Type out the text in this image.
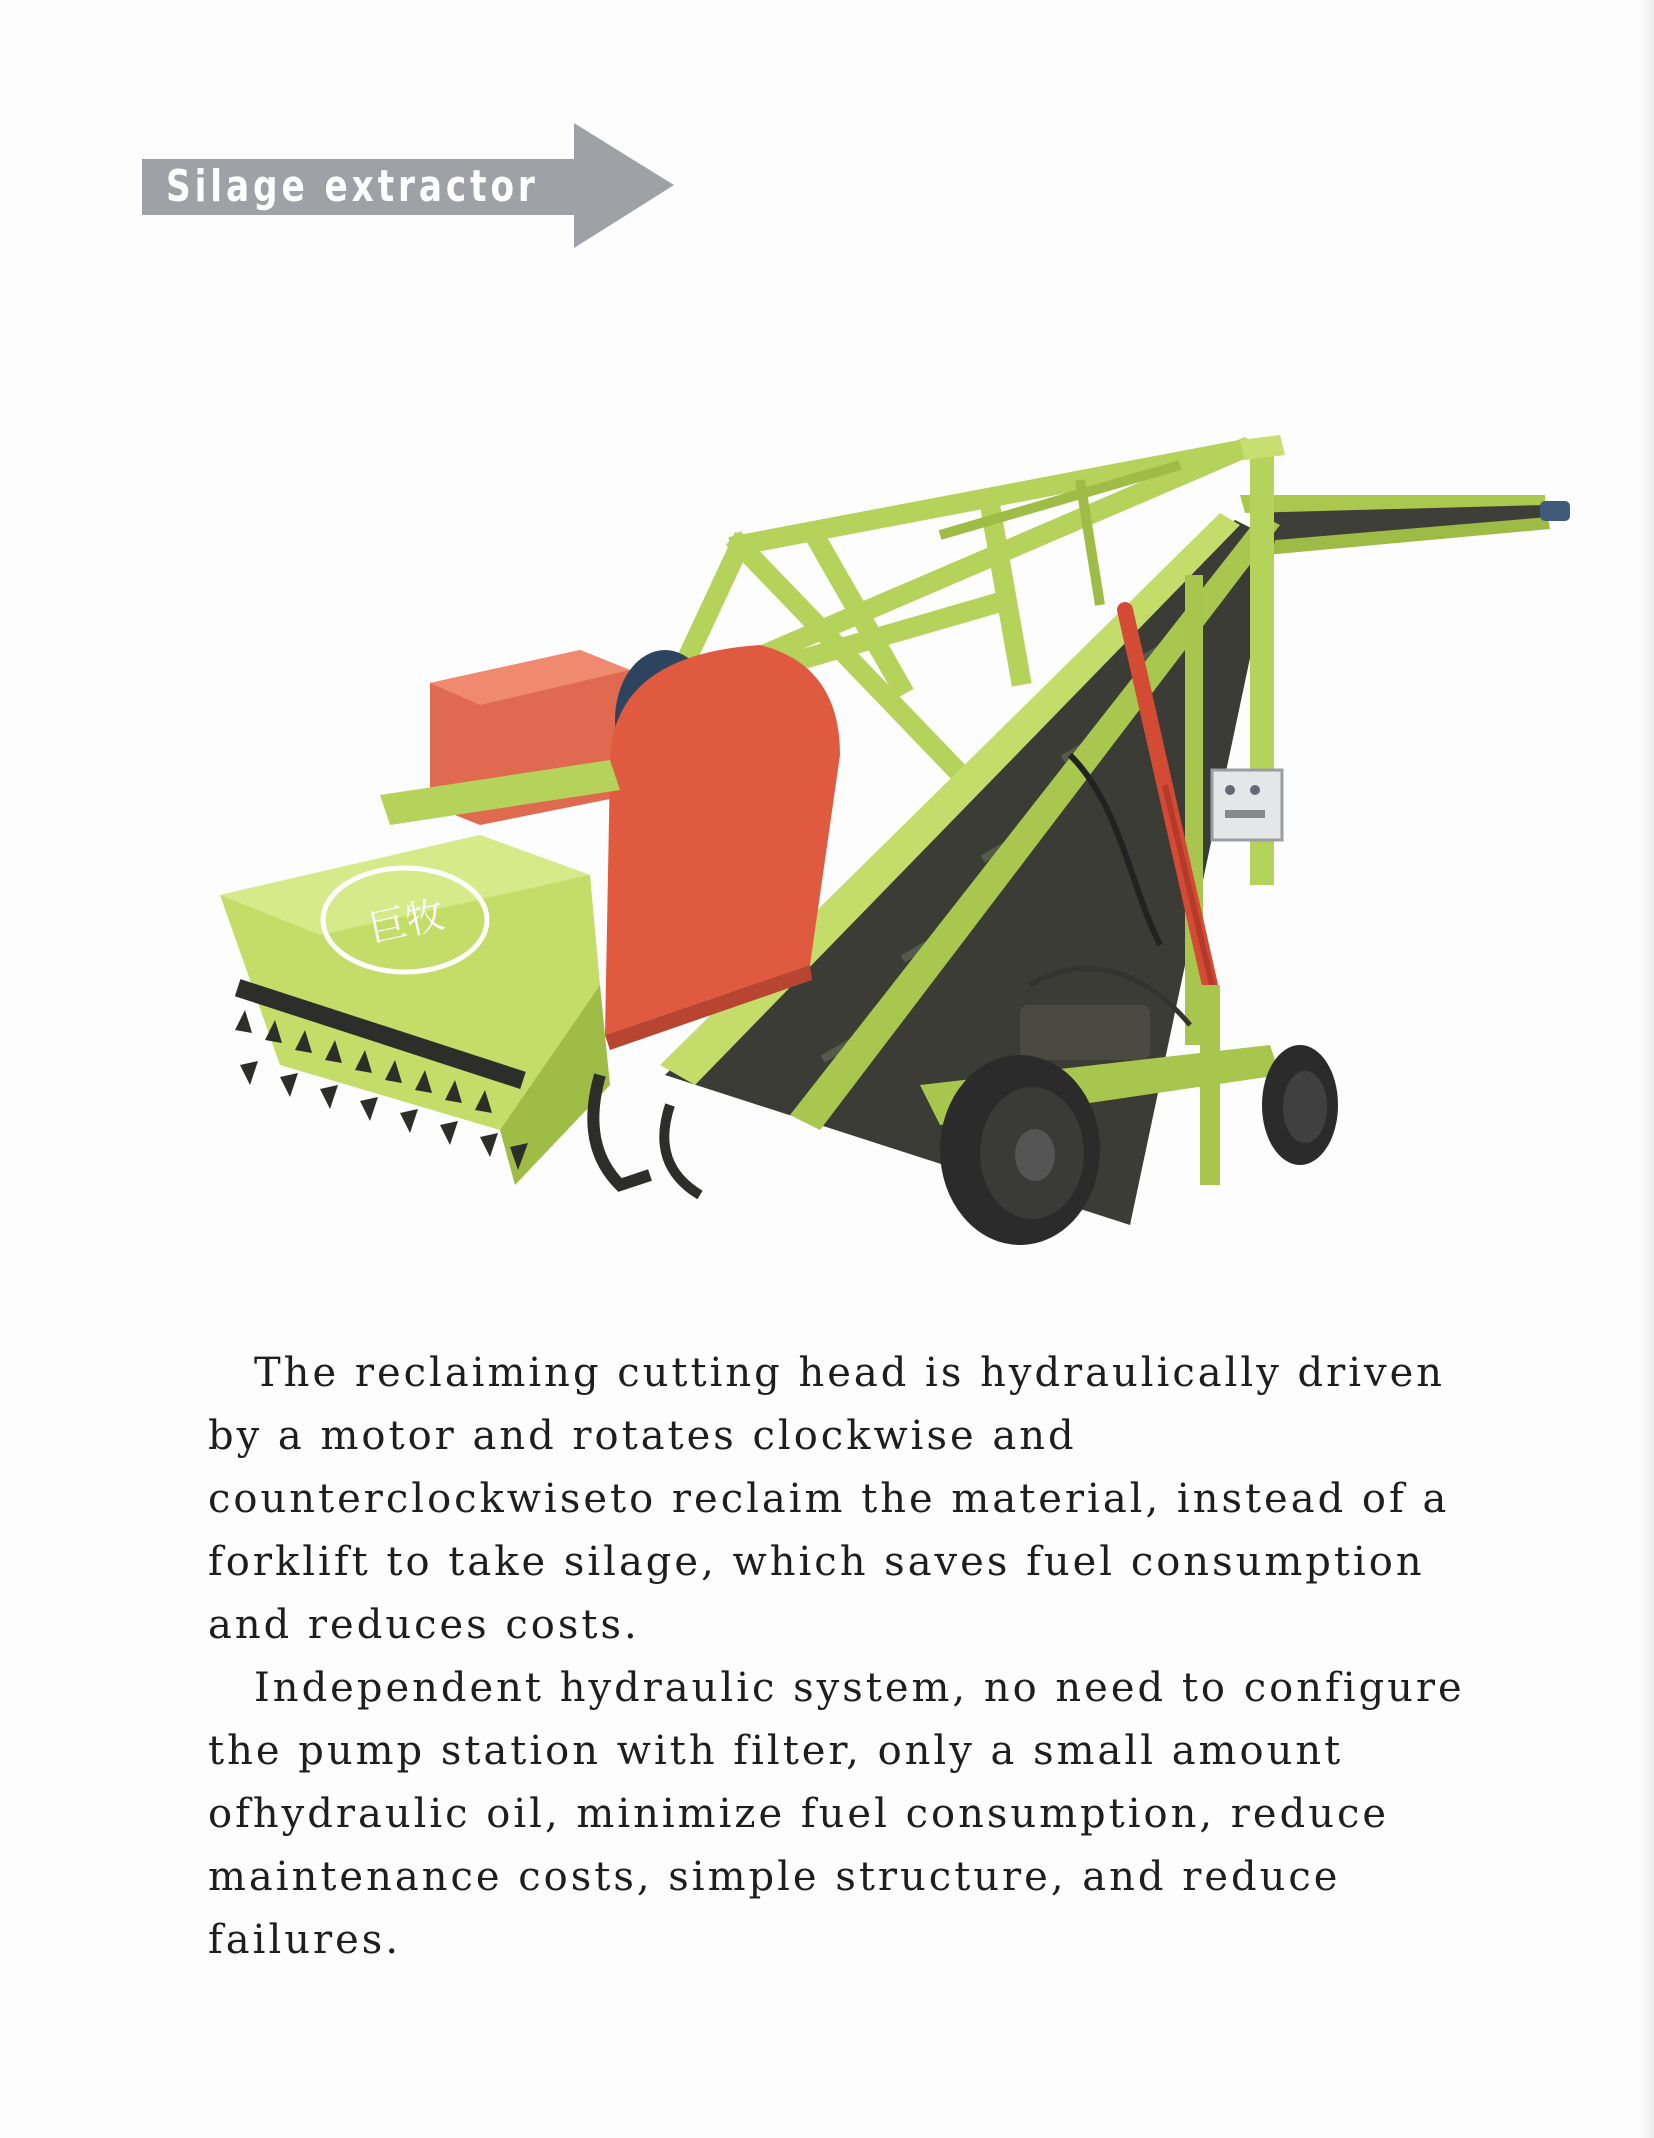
Silage extractor
巨牧

The reclaiming cutting head is hydraulically driven by a motor and rotates clockwise and counterclockwiseto reclaim the material, instead of a forklift to take silage, which saves fuel consumption and reduces costs.

Independent hydraulic system, no need to configure the pump station with filter, only a small amount ofhydraulic oil, minimize fuel consumption, reduce maintenance costs, simple structure, and reduce failures.
